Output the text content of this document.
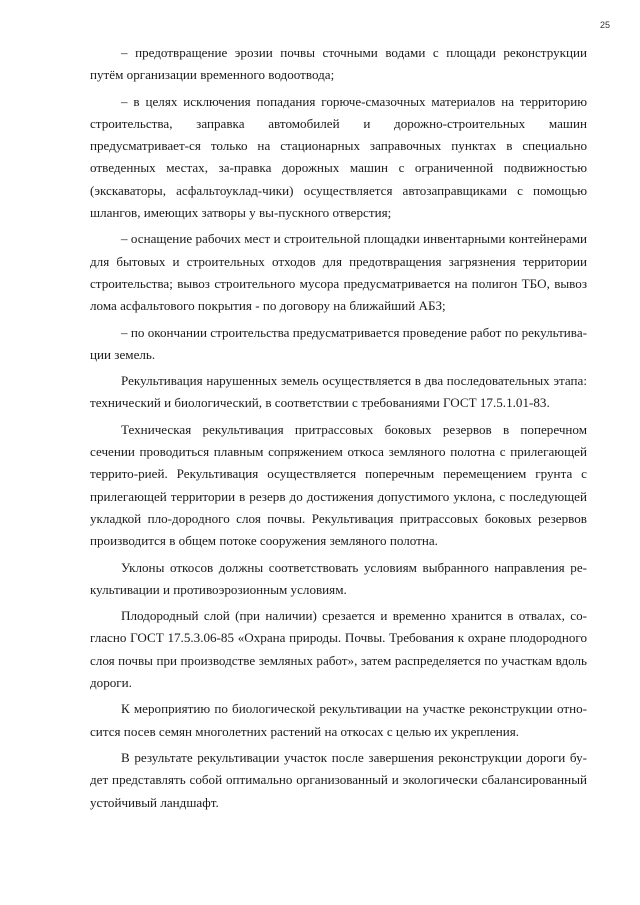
25

– предотвращение эрозии почвы сточными водами с площади реконструкции путём организации временного водоотвода;

– в целях исключения попадания горюче-смазочных материалов на территорию строительства, заправка автомобилей и дорожно-строительных машин предусматривает-ся только на стационарных заправочных пунктах в специально отведенных местах, за-правка дорожных машин с ограниченной подвижностью (экскаваторы, асфальтоуклад-чики) осуществляется автозаправщиками с помощью шлангов, имеющих затворы у вы-пускного отверстия;

– оснащение рабочих мест и строительной площадки инвентарными контейнерами для бытовых и строительных отходов для предотвращения загрязнения территории строительства; вывоз строительного мусора предусматривается на полигон ТБО, вывоз лома асфальтового покрытия - по договору на ближайший АБЗ;

– по окончании строительства предусматривается проведение работ по рекультива-ции земель.

Рекультивация нарушенных земель осуществляется в два последовательных этапа: технический и биологический, в соответствии с требованиями ГОСТ 17.5.1.01-83.

Техническая рекультивация притрассовых боковых резервов в поперечном сечении проводиться плавным сопряжением откоса земляного полотна с прилегающей террито-рией. Рекультивация осуществляется поперечным перемещением грунта с прилегающей территории в резерв до достижения допустимого уклона, с последующей укладкой пло-дородного слоя почвы. Рекультивация притрассовых боковых резервов производится в общем потоке сооружения земляного полотна.

Уклоны откосов должны соответствовать условиям выбранного направления ре-культивации и противоэрозионным условиям.

Плодородный слой (при наличии) срезается и временно хранится в отвалах, со-гласно ГОСТ 17.5.3.06-85 «Охрана природы. Почвы. Требования к охране плодородного слоя почвы при производстве земляных работ», затем распределяется по участкам вдоль дороги.

К мероприятию по биологической рекультивации на участке реконструкции отно-сится посев семян многолетних растений на откосах с целью их укрепления.

В результате рекультивации участок после завершения реконструкции дороги бу-дет представлять собой оптимально организованный и экологически сбалансированный устойчивый ландшафт.
